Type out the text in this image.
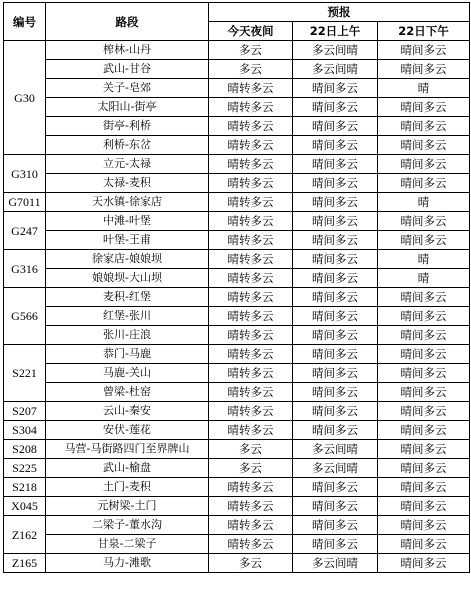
编号	路段	预报		
		今天夜间	22日上午	22日下午
G30	榨林-山丹	多云	多云间晴	晴间多云
	武山-甘谷	多云	多云间晴	晴间多云
	关子-皂郊	晴转多云	晴间多云	晴
	太阳山-街亭	晴转多云	晴间多云	晴间多云
	街亭-利桥	晴转多云	晴间多云	晴间多云
	利桥-东岔	晴转多云	晴间多云	晴间多云
G310	立元-太禄	晴转多云	晴间多云	晴间多云
	太禄-麦积	晴转多云	晴间多云	晴间多云
G7011	天水镇-徐家店	晴转多云	晴间多云	晴
G247	中滩-叶堡	晴转多云	晴间多云	晴间多云
	叶堡-王甫	晴转多云	晴间多云	晴间多云
G316	徐家店-娘娘坝	晴转多云	晴间多云	晴
	娘娘坝-大山坝	晴转多云	晴间多云	晴
G566	麦积-红堡	晴转多云	晴间多云	晴间多云
	红堡-张川	晴转多云	晴间多云	晴间多云
	张川-庄浪	晴转多云	晴间多云	晴间多云
S221	恭门-马鹿	晴转多云	晴间多云	晴间多云
	马鹿-关山	晴转多云	晴间多云	晴间多云
	曾梁-杜窑	晴转多云	晴间多云	晴间多云
S207	云山-秦安	晴转多云	晴间多云	晴间多云
S304	安伏-莲花	晴转多云	晴间多云	晴间多云
S208	马营-马街路四门至界牌山	多云	多云间晴	晴间多云
S225	武山-榆盘	多云	多云间晴	晴间多云
S218	土门-麦积	晴转多云	晴间多云	晴间多云
X045	元树梁-土门	晴转多云	晴间多云	晴间多云
Z162	二梁子-董水沟	晴转多云	晴间多云	晴间多云
	甘泉-二梁子	晴转多云	晴间多云	晴间多云
Z165	马力-滩歌	多云	多云间晴	晴间多云
